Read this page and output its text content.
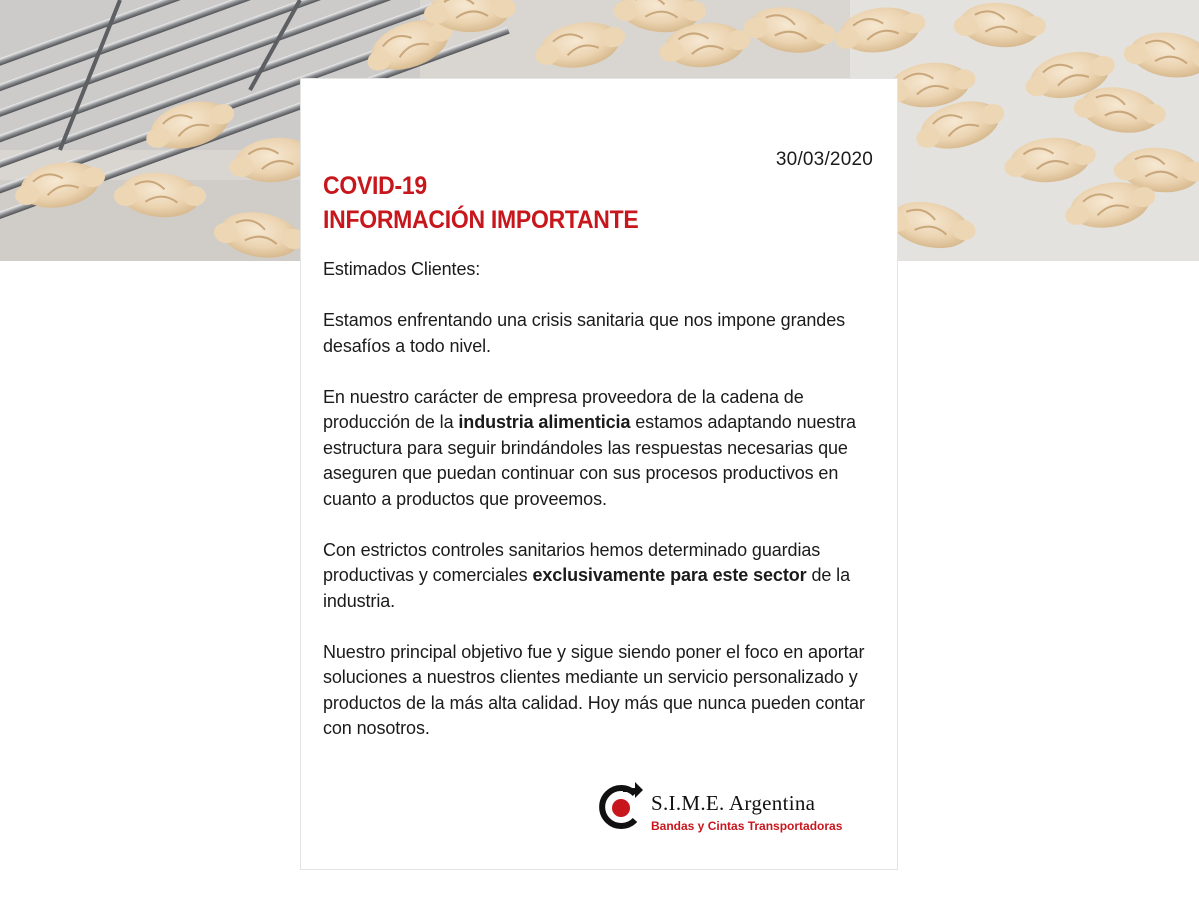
30/03/2020
COVID-19
INFORMACIÓN IMPORTANTE

Estimados Clientes:

Estamos enfrentando una crisis sanitaria que nos impone grandes desafíos a todo nivel.

En nuestro carácter de empresa proveedora de la cadena de producción de la industria alimenticia estamos adaptando nuestra estructura para seguir brindándoles las respuestas necesarias que aseguren que puedan continuar con sus procesos productivos en cuanto a productos que proveemos.

Con estrictos controles sanitarios hemos determinado guardias productivas y comerciales exclusivamente para este sector de la industria.

Nuestro principal objetivo fue y sigue siendo poner el foco en aportar soluciones a nuestros clientes mediante un servicio personalizado y productos de la más alta calidad. Hoy más que nunca pueden contar con nosotros.

S.I.M.E. Argentina
Bandas y Cintas Transportadoras
